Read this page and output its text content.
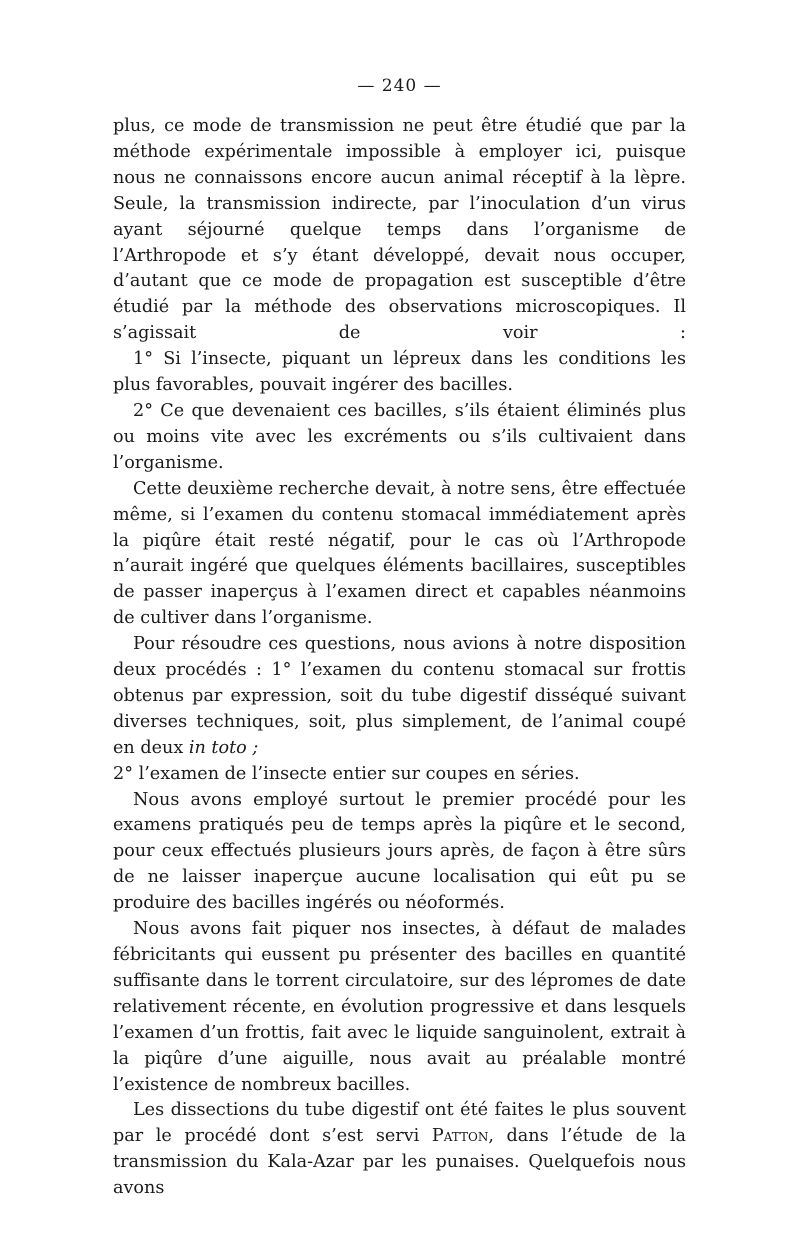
— 240 —

plus, ce mode de transmission ne peut être étudié que par la méthode expérimentale impossible à employer ici, puisque nous ne connaissons encore aucun animal réceptif à la lèpre. Seule, la transmission indirecte, par l’inoculation d’un virus ayant séjourné quelque temps dans l’organisme de l’Arthropode et s’y étant développé, devait nous occuper, d’autant que ce mode de propagation est susceptible d’être étudié par la méthode des observations microscopiques. Il s’agissait de voir :

1° Si l’insecte, piquant un lépreux dans les conditions les plus favorables, pouvait ingérer des bacilles.

2° Ce que devenaient ces bacilles, s’ils étaient éliminés plus ou moins vite avec les excréments ou s’ils cultivaient dans l’organisme.

Cette deuxième recherche devait, à notre sens, être effectuée même, si l’examen du contenu stomacal immédiatement après la piqûre était resté négatif, pour le cas où l’Arthropode n’aurait ingéré que quelques éléments bacillaires, susceptibles de passer inaperçus à l’examen direct et capables néanmoins de cultiver dans l’organisme.

Pour résoudre ces questions, nous avions à notre disposition deux procédés : 1° l’examen du contenu stomacal sur frottis obtenus par expression, soit du tube digestif disséqué suivant diverses techniques, soit, plus simplement, de l’animal coupé en deux in toto ;

2° l’examen de l’insecte entier sur coupes en séries.

Nous avons employé surtout le premier procédé pour les examens pratiqués peu de temps après la piqûre et le second, pour ceux effectués plusieurs jours après, de façon à être sûrs de ne laisser inaperçue aucune localisation qui eût pu se produire des bacilles ingérés ou néoformés.

Nous avons fait piquer nos insectes, à défaut de malades fébricitants qui eussent pu présenter des bacilles en quantité suffisante dans le torrent circulatoire, sur des lépromes de date relativement récente, en évolution progressive et dans lesquels l’examen d’un frottis, fait avec le liquide sanguinolent, extrait à la piqûre d’une aiguille, nous avait au préalable montré l’existence de nombreux bacilles.

Les dissections du tube digestif ont été faites le plus souvent par le procédé dont s’est servi Patton, dans l’étude de la transmission du Kala-Azar par les punaises. Quelquefois nous avons
